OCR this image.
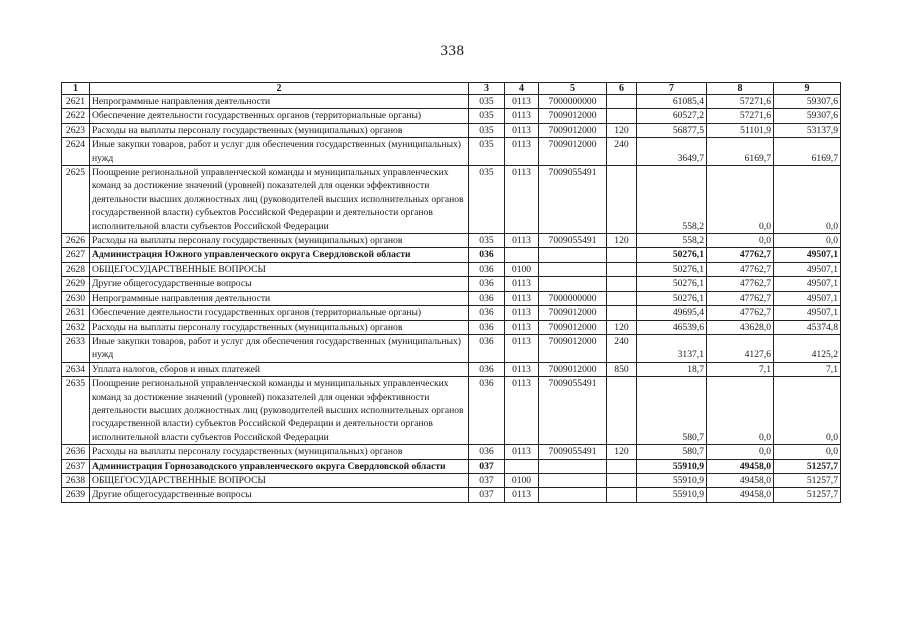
338
1	2	3	4	5	6	7	8	9
2621	Непрограммные направления деятельности	035	0113	7000000000		61085,4	57271,6	59307,6
2622	Обеспечение деятельности государственных органов (территориальные органы)	035	0113	7009012000		60527,2	57271,6	59307,6
2623	Расходы на выплаты персоналу государственных (муниципальных) органов	035	0113	7009012000	120	56877,5	51101,9	53137,9
2624	Иные закупки товаров, работ и услуг для обеспечения государственных (муниципальных) нужд	035	0113	7009012000	240	3649,7	6169,7	6169,7
2625	Поощрение региональной управленческой команды и муниципальных управленческих команд за достижение значений (уровней) показателей для оценки эффективности деятельности высших должностных лиц (руководителей высших исполнительных органов государственной власти) субъектов Российской Федерации и деятельности органов исполнительной власти субъектов Российской Федерации	035	0113	7009055491		558,2	0,0	0,0
2626	Расходы на выплаты персоналу государственных (муниципальных) органов	035	0113	7009055491	120	558,2	0,0	0,0
2627	Администрация Южного управленческого округа Свердловской области	036				50276,1	47762,7	49507,1
2628	ОБЩЕГОСУДАРСТВЕННЫЕ ВОПРОСЫ	036	0100			50276,1	47762,7	49507,1
2629	Другие общегосударственные вопросы	036	0113			50276,1	47762,7	49507,1
2630	Непрограммные направления деятельности	036	0113	7000000000		50276,1	47762,7	49507,1
2631	Обеспечение деятельности государственных органов (территориальные органы)	036	0113	7009012000		49695,4	47762,7	49507,1
2632	Расходы на выплаты персоналу государственных (муниципальных) органов	036	0113	7009012000	120	46539,6	43628,0	45374,8
2633	Иные закупки товаров, работ и услуг для обеспечения государственных (муниципальных) нужд	036	0113	7009012000	240	3137,1	4127,6	4125,2
2634	Уплата налогов, сборов и иных платежей	036	0113	7009012000	850	18,7	7,1	7,1
2635	Поощрение региональной управленческой команды и муниципальных управленческих команд за достижение значений (уровней) показателей для оценки эффективности деятельности высших должностных лиц (руководителей высших исполнительных органов государственной власти) субъектов Российской Федерации и деятельности органов исполнительной власти субъектов Российской Федерации	036	0113	7009055491		580,7	0,0	0,0
2636	Расходы на выплаты персоналу государственных (муниципальных) органов	036	0113	7009055491	120	580,7	0,0	0,0
2637	Администрация Горнозаводского управленческого округа Свердловской области	037				55910,9	49458,0	51257,7
2638	ОБЩЕГОСУДАРСТВЕННЫЕ ВОПРОСЫ	037	0100			55910,9	49458,0	51257,7
2639	Другие общегосударственные вопросы	037	0113			55910,9	49458,0	51257,7
